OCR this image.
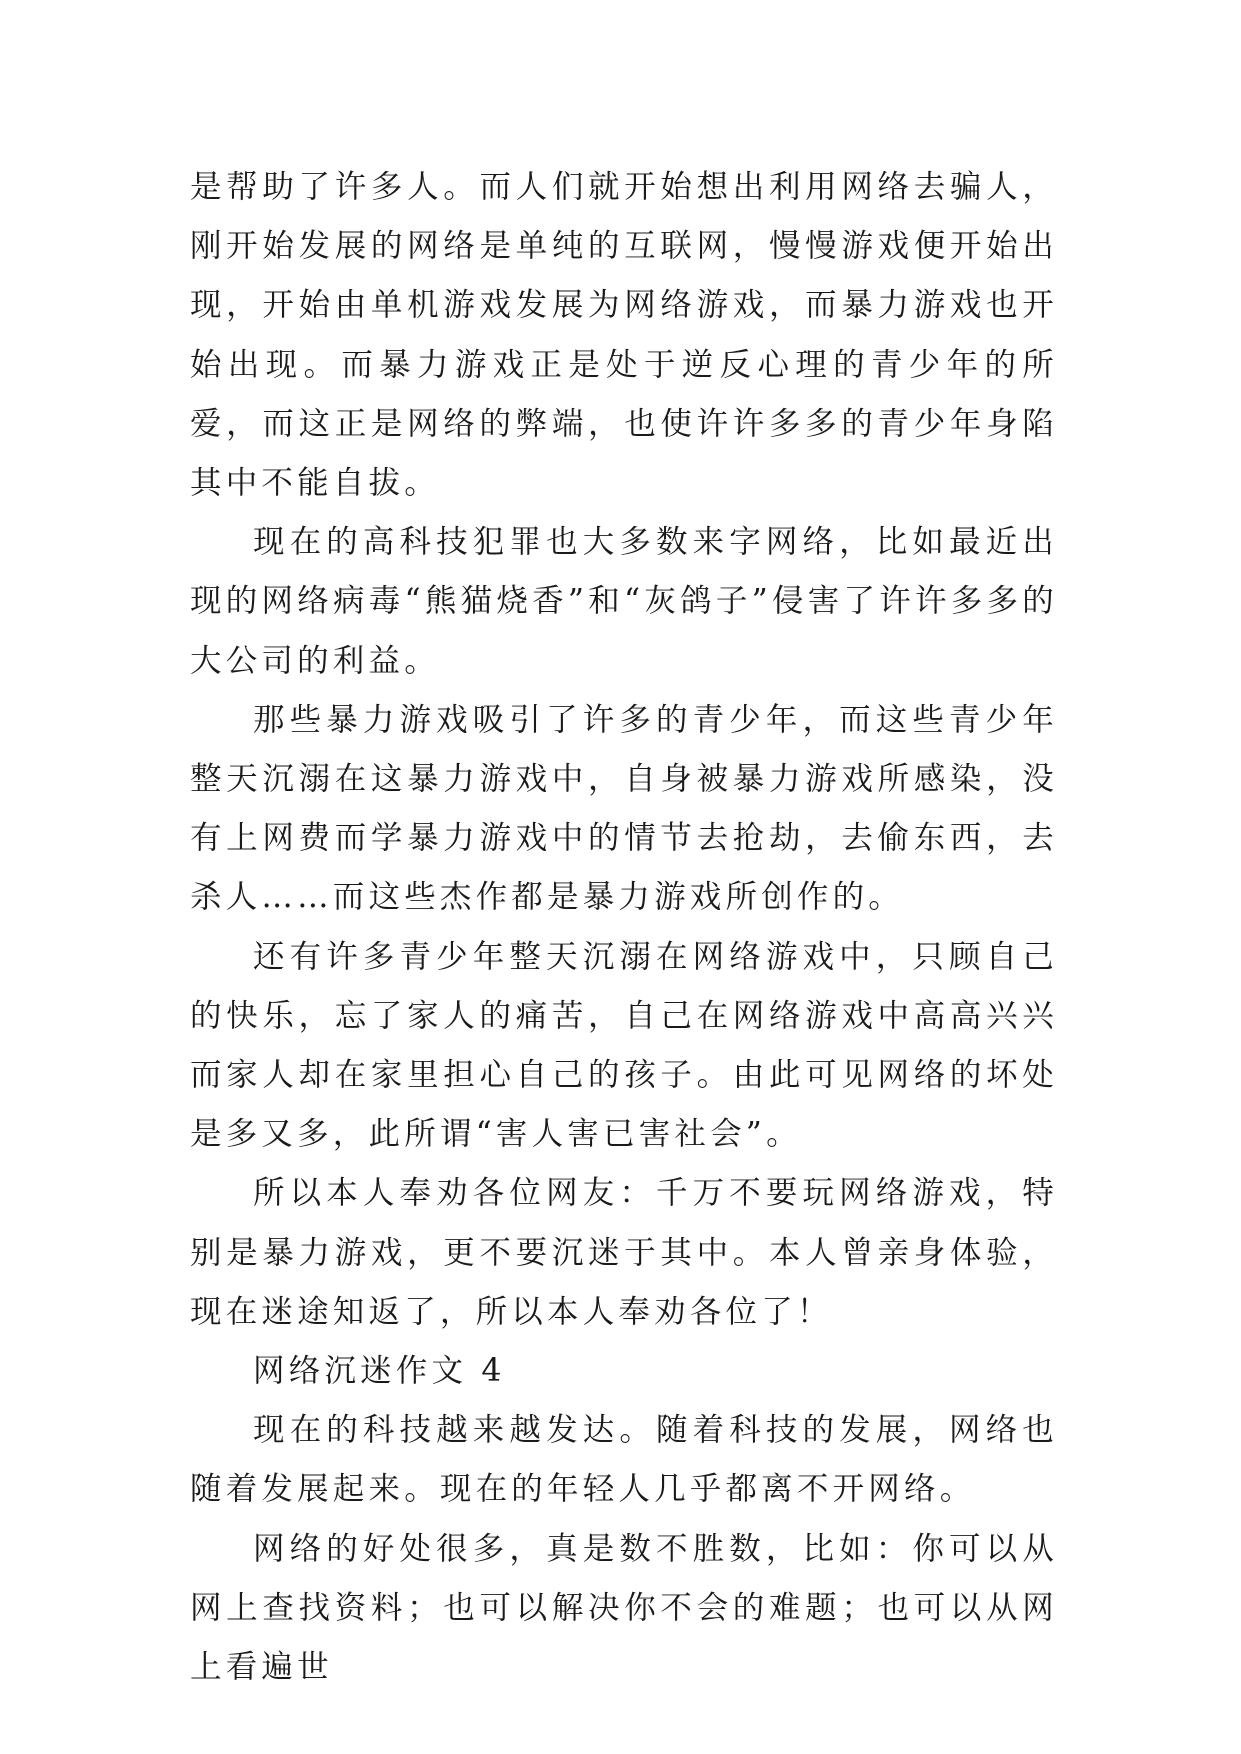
是帮助了许多人。而人们就开始想出利用网络去骗人，刚开始发展的网络是单纯的互联网，慢慢游戏便开始出现，开始由单机游戏发展为网络游戏，而暴力游戏也开始出现。而暴力游戏正是处于逆反心理的青少年的所爱，而这正是网络的弊端，也使许许多多的青少年身陷其中不能自拔。

现在的高科技犯罪也大多数来字网络，比如最近出现的网络病毒“熊猫烧香”和“灰鸽子”侵害了许许多多的大公司的利益。

那些暴力游戏吸引了许多的青少年，而这些青少年整天沉溺在这暴力游戏中，自身被暴力游戏所感染，没有上网费而学暴力游戏中的情节去抢劫，去偷东西，去杀人……而这些杰作都是暴力游戏所创作的。

还有许多青少年整天沉溺在网络游戏中，只顾自己的快乐，忘了家人的痛苦，自己在网络游戏中高高兴兴而家人却在家里担心自己的孩子。由此可见网络的坏处是多又多，此所谓“害人害已害社会”。

所以本人奉劝各位网友：千万不要玩网络游戏，特别是暴力游戏，更不要沉迷于其中。本人曾亲身体验，现在迷途知返了，所以本人奉劝各位了！

网络沉迷作文 4

现在的科技越来越发达。随着科技的发展，网络也随着发展起来。现在的年轻人几乎都离不开网络。

网络的好处很多，真是数不胜数，比如：你可以从网上查找资料；也可以解决你不会的难题；也可以从网上看遍世
